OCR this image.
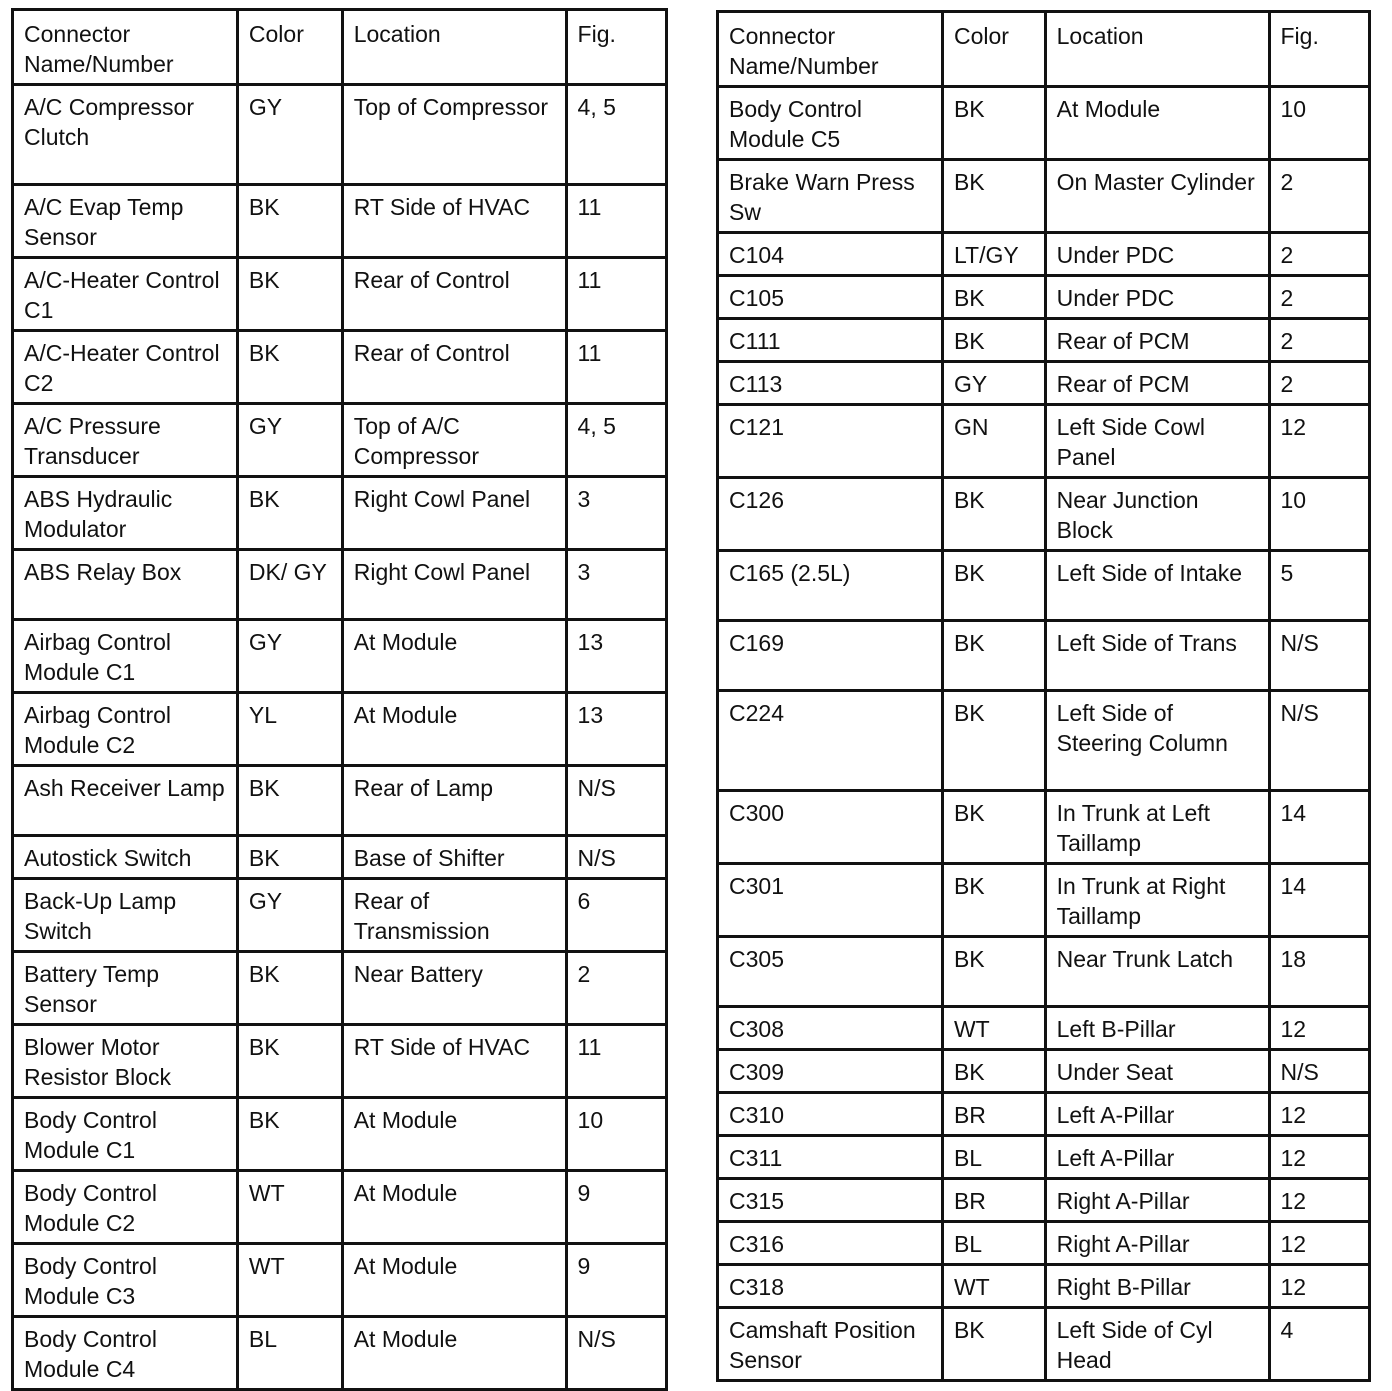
Connector Name/Number	Color	Location	Fig.
A/C Compressor Clutch	GY	Top of Compressor	4, 5
A/C Evap Temp Sensor	BK	RT Side of HVAC	11
A/C-Heater Control C1	BK	Rear of Control	11
A/C-Heater Control C2	BK	Rear of Control	11
A/C Pressure Transducer	GY	Top of A/C Compressor	4, 5
ABS Hydraulic Modulator	BK	Right Cowl Panel	3
ABS Relay Box	DK/ GY	Right Cowl Panel	3
Airbag Control Module C1	GY	At Module	13
Airbag Control Module C2	YL	At Module	13
Ash Receiver Lamp	BK	Rear of Lamp	N/S
Autostick Switch	BK	Base of Shifter	N/S
Back-Up Lamp Switch	GY	Rear of Transmission	6
Battery Temp Sensor	BK	Near Battery	2
Blower Motor Resistor Block	BK	RT Side of HVAC	11
Body Control Module C1	BK	At Module	10
Body Control Module C2	WT	At Module	9
Body Control Module C3	WT	At Module	9
Body Control Module C4	BL	At Module	N/S
Connector Name/Number	Color	Location	Fig.
Body Control Module C5	BK	At Module	10
Brake Warn Press Sw	BK	On Master Cylinder	2
C104	LT/GY	Under PDC	2
C105	BK	Under PDC	2
C111	BK	Rear of PCM	2
C113	GY	Rear of PCM	2
C121	GN	Left Side Cowl Panel	12
C126	BK	Near Junction Block	10
C165 (2.5L)	BK	Left Side of Intake	5
C169	BK	Left Side of Trans	N/S
C224	BK	Left Side of Steering Column	N/S
C300	BK	In Trunk at Left Taillamp	14
C301	BK	In Trunk at Right Taillamp	14
C305	BK	Near Trunk Latch	18
C308	WT	Left B-Pillar	12
C309	BK	Under Seat	N/S
C310	BR	Left A-Pillar	12
C311	BL	Left A-Pillar	12
C315	BR	Right A-Pillar	12
C316	BL	Right A-Pillar	12
C318	WT	Right B-Pillar	12
Camshaft Position Sensor	BK	Left Side of Cyl Head	4
